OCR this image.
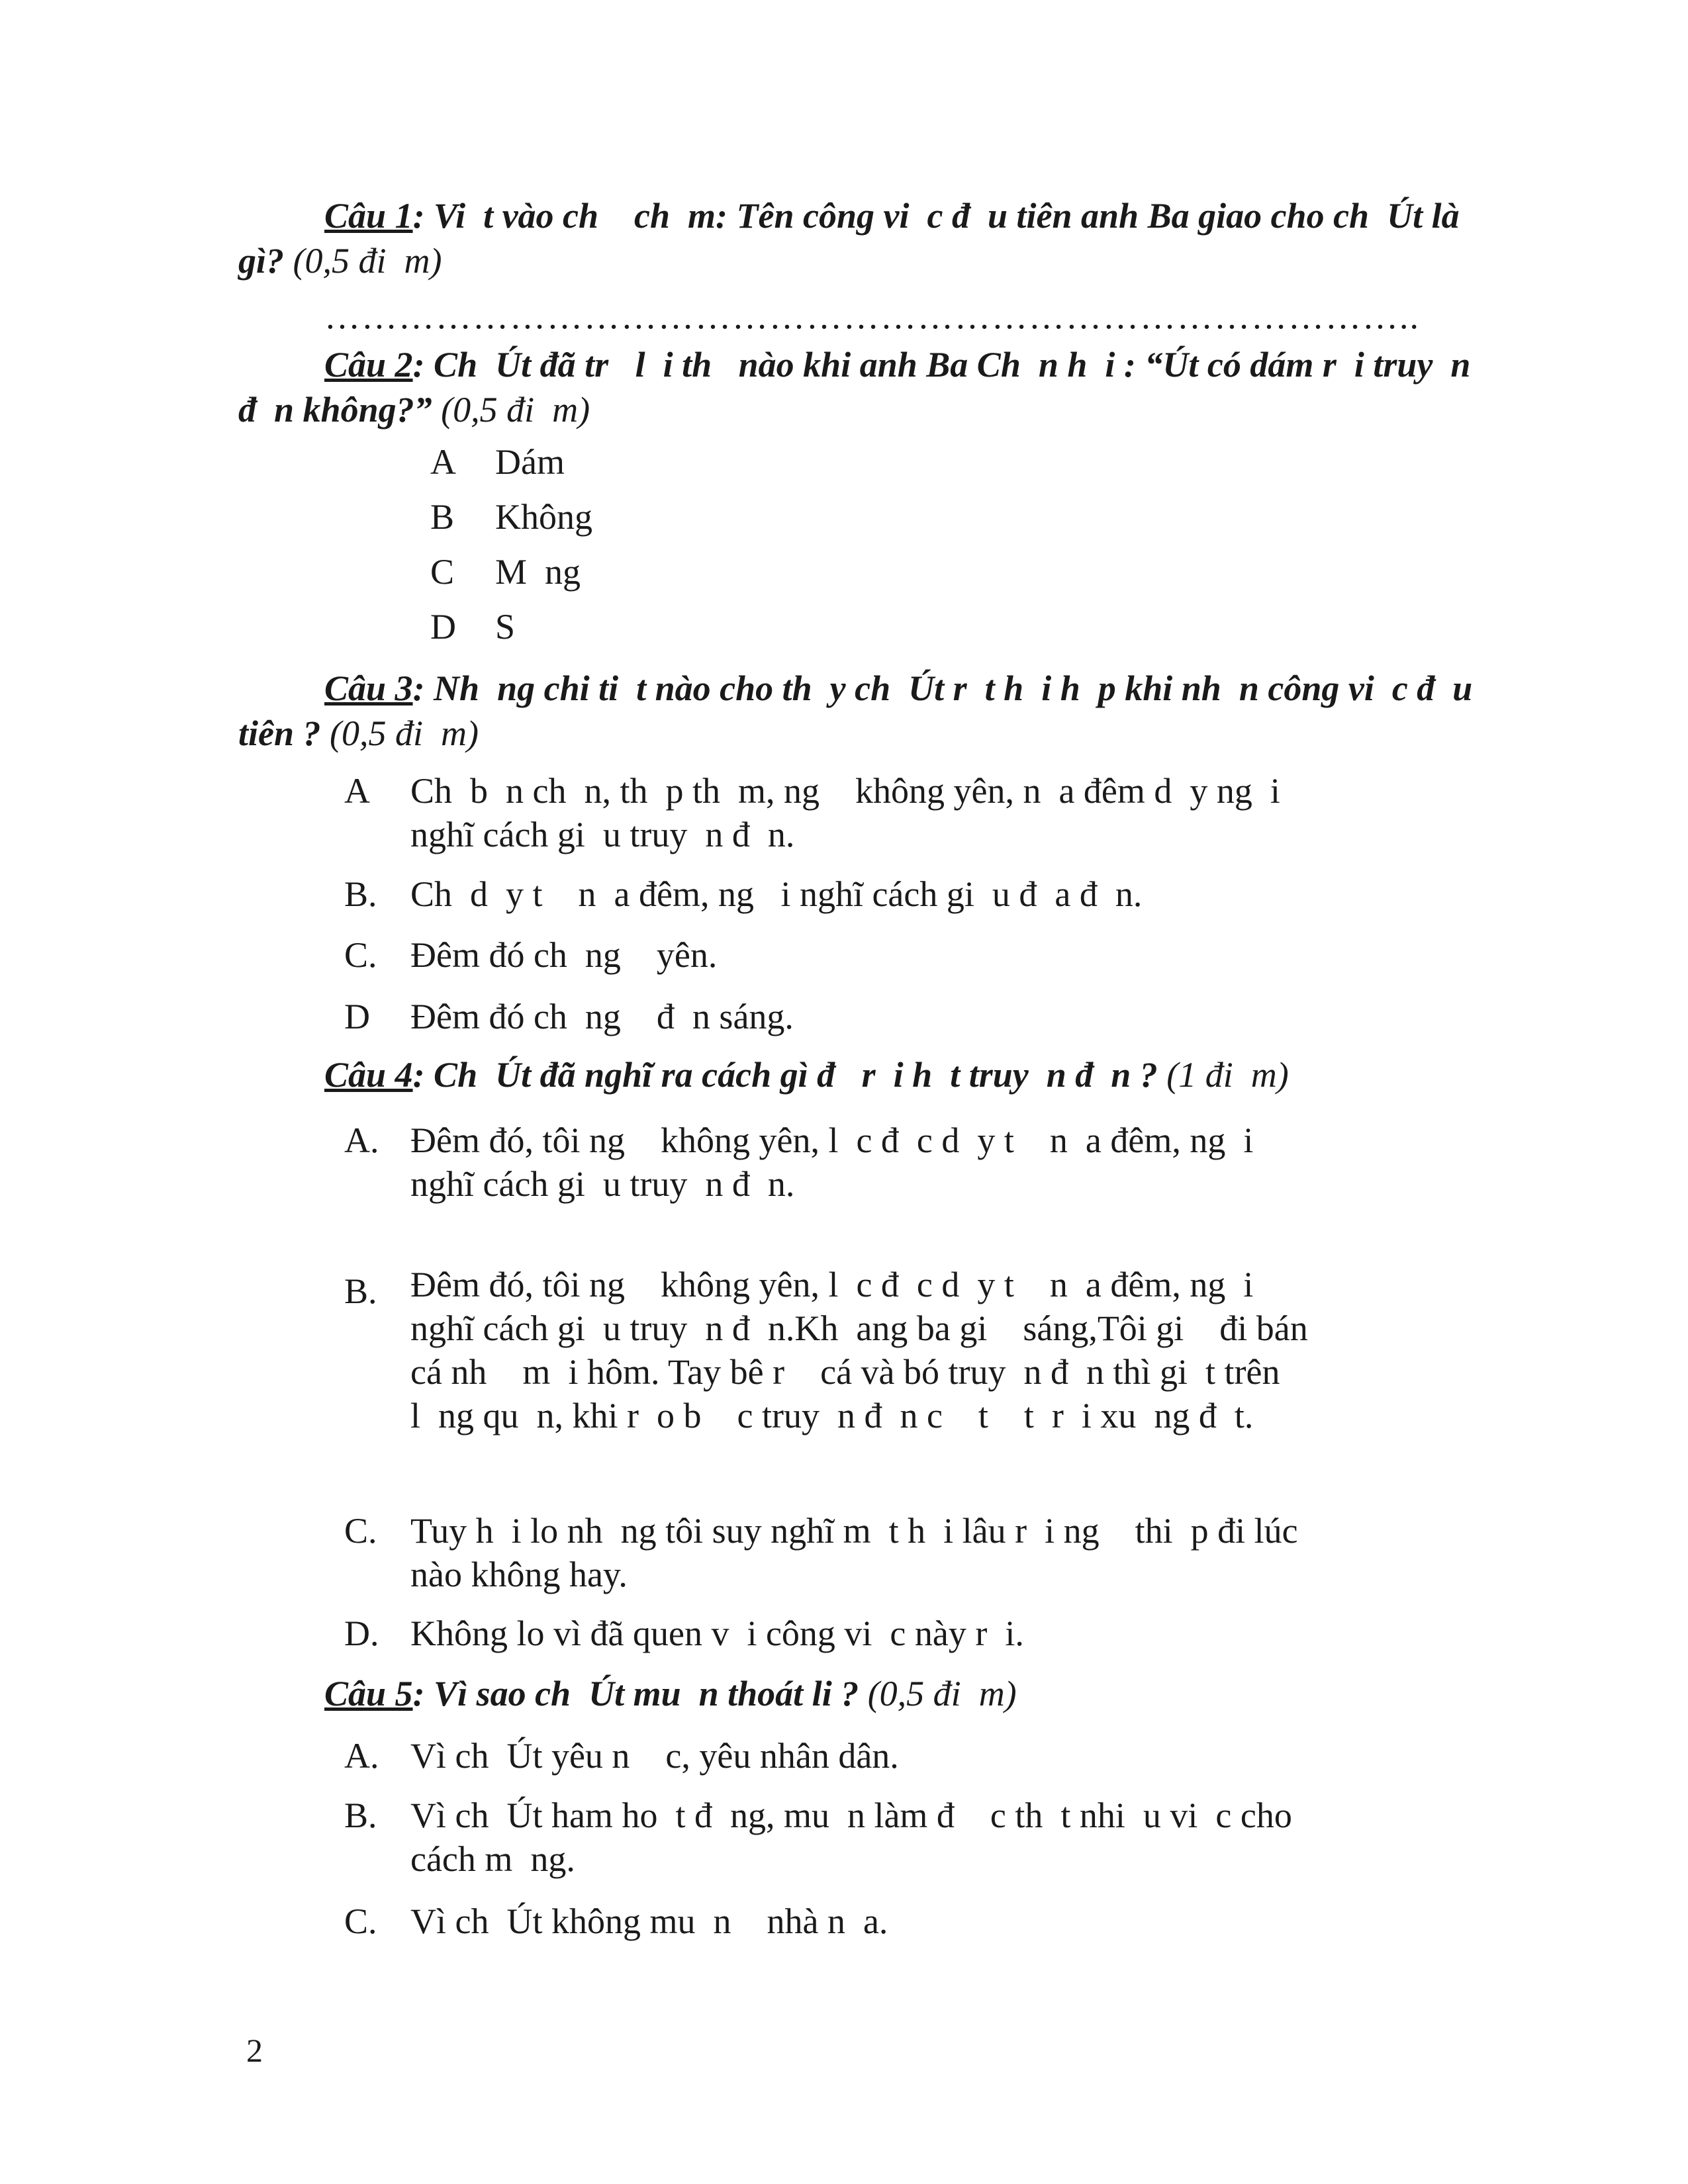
Câu 1: Vi  t vào ch    ch  m: Tên công vi  c đ  u tiên anh Ba giao cho ch  Út là
gì? (0,5 đi  m)
……………………………………………………………………………..
Câu 2: Ch  Út đã tr   l  i th   nào khi anh Ba Ch  n h  i : “Út có dám r  i truy  n
đ  n không?” (0,5 đi  m)
A Dám
B Không
C M  ng
D S
Câu 3: Nh  ng chi ti  t nào cho th  y ch  Út r  t h  i h  p khi nh  n công vi  c đ  u
tiên ? (0,5 đi  m)
A Ch  b  n ch  n, th  p th  m, ng    không yên, n  a đêm d  y ng  i
nghĩ cách gi  u truy  n đ  n.
B. Ch  d  y t    n  a đêm, ng   i nghĩ cách gi  u đ  a đ  n.
C. Đêm đó ch  ng    yên.
D Đêm đó ch  ng    đ  n sáng.
Câu 4: Ch  Út đã nghĩ ra cách gì đ   r  i h  t truy  n đ  n ? (1 đi  m)
A. Đêm đó, tôi ng    không yên, l  c đ  c d  y t    n  a đêm, ng  i
nghĩ cách gi  u truy  n đ  n.
B. Đêm đó, tôi ng    không yên, l  c đ  c d  y t    n  a đêm, ng  i
nghĩ cách gi  u truy  n đ  n.Kh  ang ba gi    sáng,Tôi gi    đi bán
cá nh    m  i hôm. Tay bê r    cá và bó truy  n đ  n thì gi  t trên
l  ng qu  n, khi r  o b    c truy  n đ  n c    t    t  r  i xu  ng đ  t.
C. Tuy h  i lo nh  ng tôi suy nghĩ m  t h  i lâu r  i ng    thi  p đi lúc
nào không hay.
D. Không lo vì đã quen v  i công vi  c này r  i.
Câu 5: Vì sao ch  Út mu  n thoát li ? (0,5 đi  m)
A. Vì ch  Út yêu n    c, yêu nhân dân.
B. Vì ch  Út ham ho  t đ  ng, mu  n làm đ    c th  t nhi  u vi  c cho
cách m  ng.
C. Vì ch  Út không mu  n    nhà n  a.
2
